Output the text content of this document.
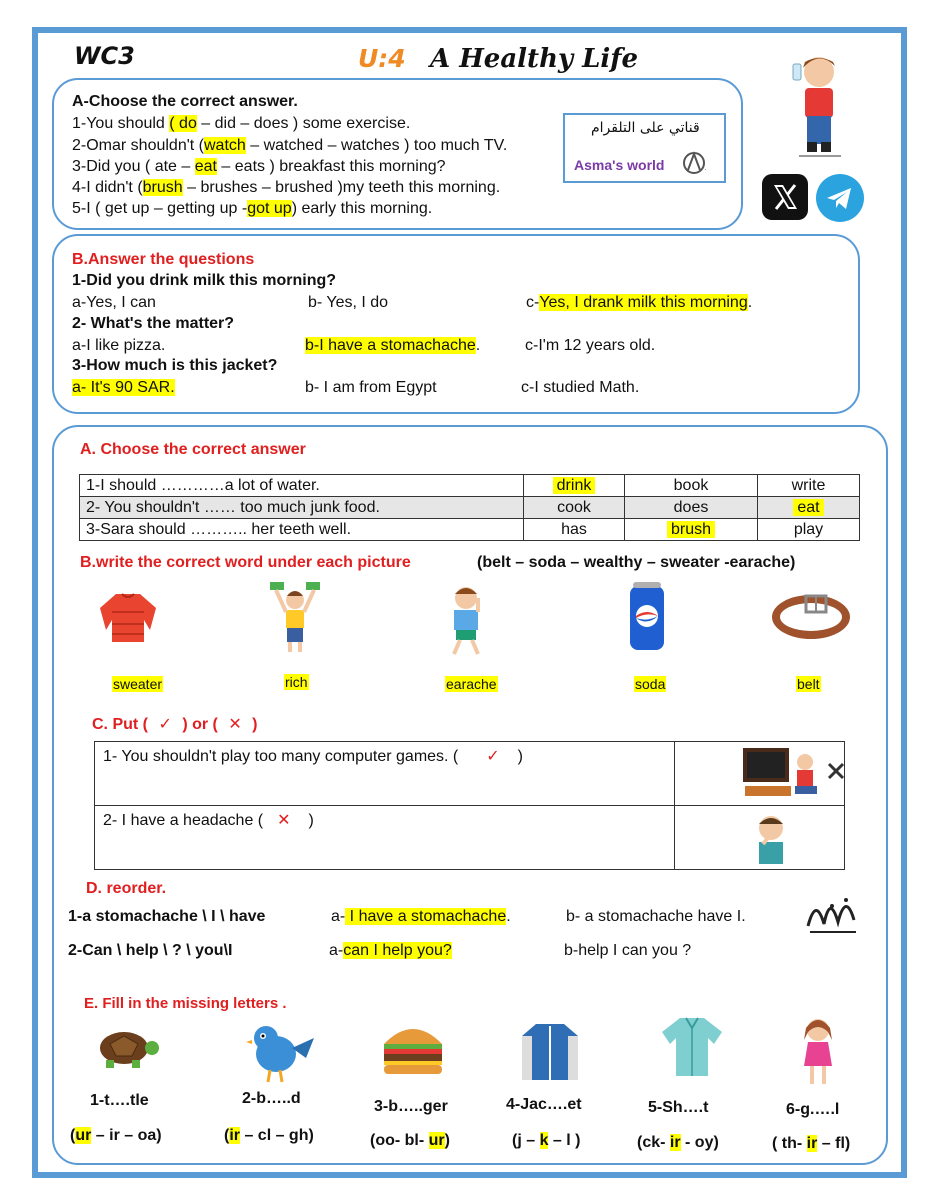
WC3	U:4 A Healthy Life
A-Choose the correct answer.
1-You should ( do – did – does ) some exercise.
2-Omar shouldn't (watch – watched – watches ) too much TV.
3-Did you ( ate – eat – eats ) breakfast this morning?
4-I didn't (brush – brushes – brushed )my teeth this morning.
5-I ( get up – getting up -got up) early this morning.
قناتي على التلقرام
Asma's world	·
B.Answer the questions
1-Did you drink milk this morning?
a-Yes, I can	b- Yes, I do	c-Yes, I drank milk this morning.
2- What's the matter?
a-I like pizza.	b-I have a stomachache.	c-I'm 12 years old.
3-How much is this jacket?
a- It's 90 SAR.	b- I am from Egypt	c-I studied Math.
A. Choose the correct answer
1-I should …………a lot of water.	drink	book	write
2- You shouldn't …… too much junk food.	cook	does	eat
3-Sara should ……….. her teeth well.	has	brush	play
B.write the correct word under each picture	(belt – soda – wealthy – sweater -earache)
sweater	rich	earache	soda	belt
C. Put ( ✓ ) or ( ✕ )
1- You shouldn't play too many computer games. ( ✓ )	

2- I have a headache ( ✕ )	
D. reorder.
1-a stomachache \ I \ have	a- I have a stomachache.	b- a stomachache have I.
2-Can \ help \ ? \ you\I	a-can I help you?	b-help I can you ?
E. Fill in the missing letters .
1-t….tle	2-b…..d	3-b…..ger	4-Jac….et	5-Sh….t	6-g.….l
(ur – ir – oa)	(ir – cl – gh)	(oo- bl- ur)	(j – k – l )	(ck- ir - oy)	( th- ir – fl)
